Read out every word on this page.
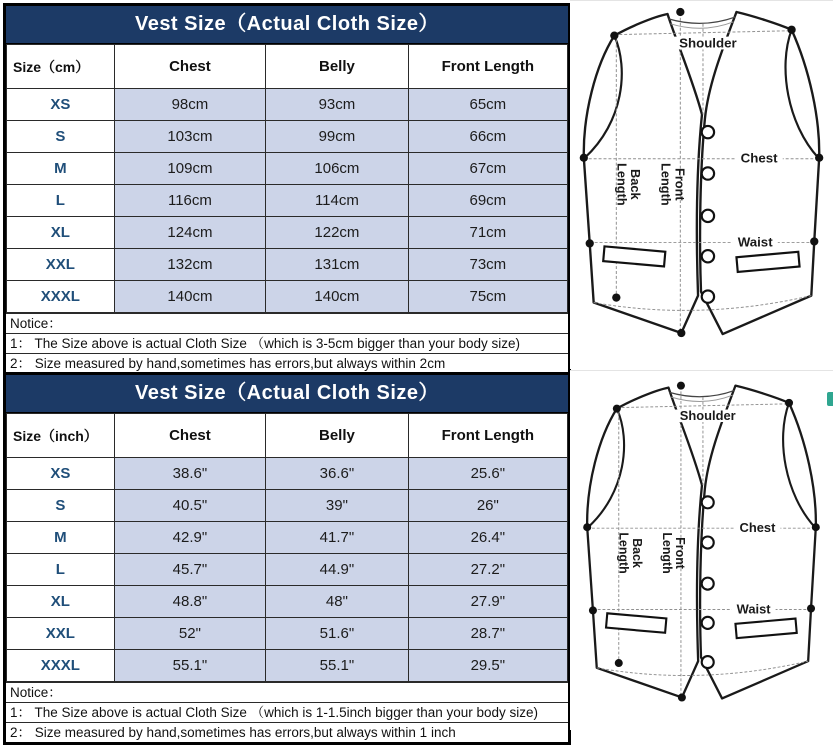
Vest Size（Actual Cloth Size）
Size（cm）	Chest	Belly	Front Length
XS	98cm	93cm	65cm
S	103cm	99cm	66cm
M	109cm	106cm	67cm
L	116cm	114cm	69cm
XL	124cm	122cm	71cm
XXL	132cm	131cm	73cm
XXXL	140cm	140cm	75cm
Notice：
1： The Size above is actual Cloth Size （which is 3-5cm bigger than your body size)
2： Size measured by hand,sometimes has errors,but always within 2cm
Vest Size（Actual Cloth Size）
Size（inch）	Chest	Belly	Front Length
XS	38.6"	36.6"	25.6"
S	40.5"	39"	26"
M	42.9"	41.7"	26.4"
L	45.7"	44.9"	27.2"
XL	48.8"	48"	27.9"
XXL	52"	51.6"	28.7"
XXXL	55.1"	55.1"	29.5"
Notice：
1： The Size above is actual Cloth Size （which is 1-1.5inch bigger than your body size)
2： Size measured by hand,sometimes has errors,but always within 1 inch
Shoulder
Chest
Waist
BackLength	FrontLength
Shoulder
Chest
Waist
BackLength	FrontLength
